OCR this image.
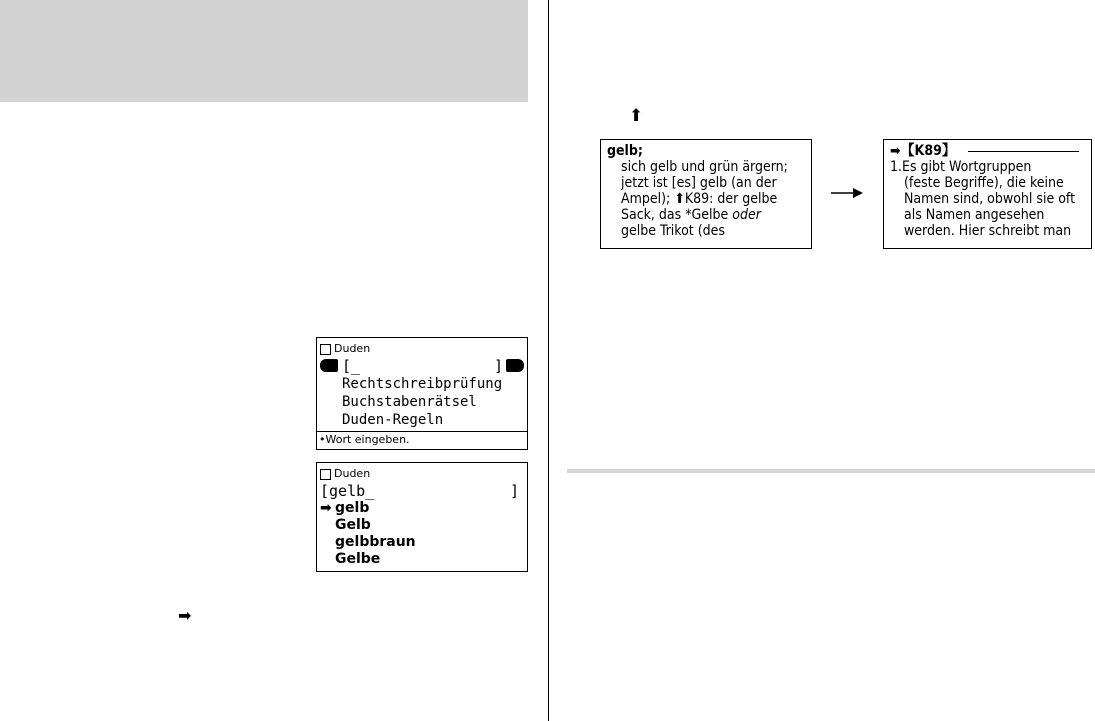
⬆
gelb;
sich gelb und grün ärgern;
jetzt ist [es] gelb (an der
Ampel); ⬆K89: der gelbe
Sack, das *Gelbe oder
gelbe Trikot (des
➡【K89】
1.Es gibt Wortgruppen
(feste Begriffe), die keine
Namen sind, obwohl sie oft
als Namen angesehen
werden. Hier schreibt man
Duden
[_	]
Rechtschreibprüfung
Buchstabenrätsel
Duden-Regeln
•Wort eingeben.
Duden
[gelb_	]
➡ gelb
Gelb
gelbbraun
Gelbe
➡
